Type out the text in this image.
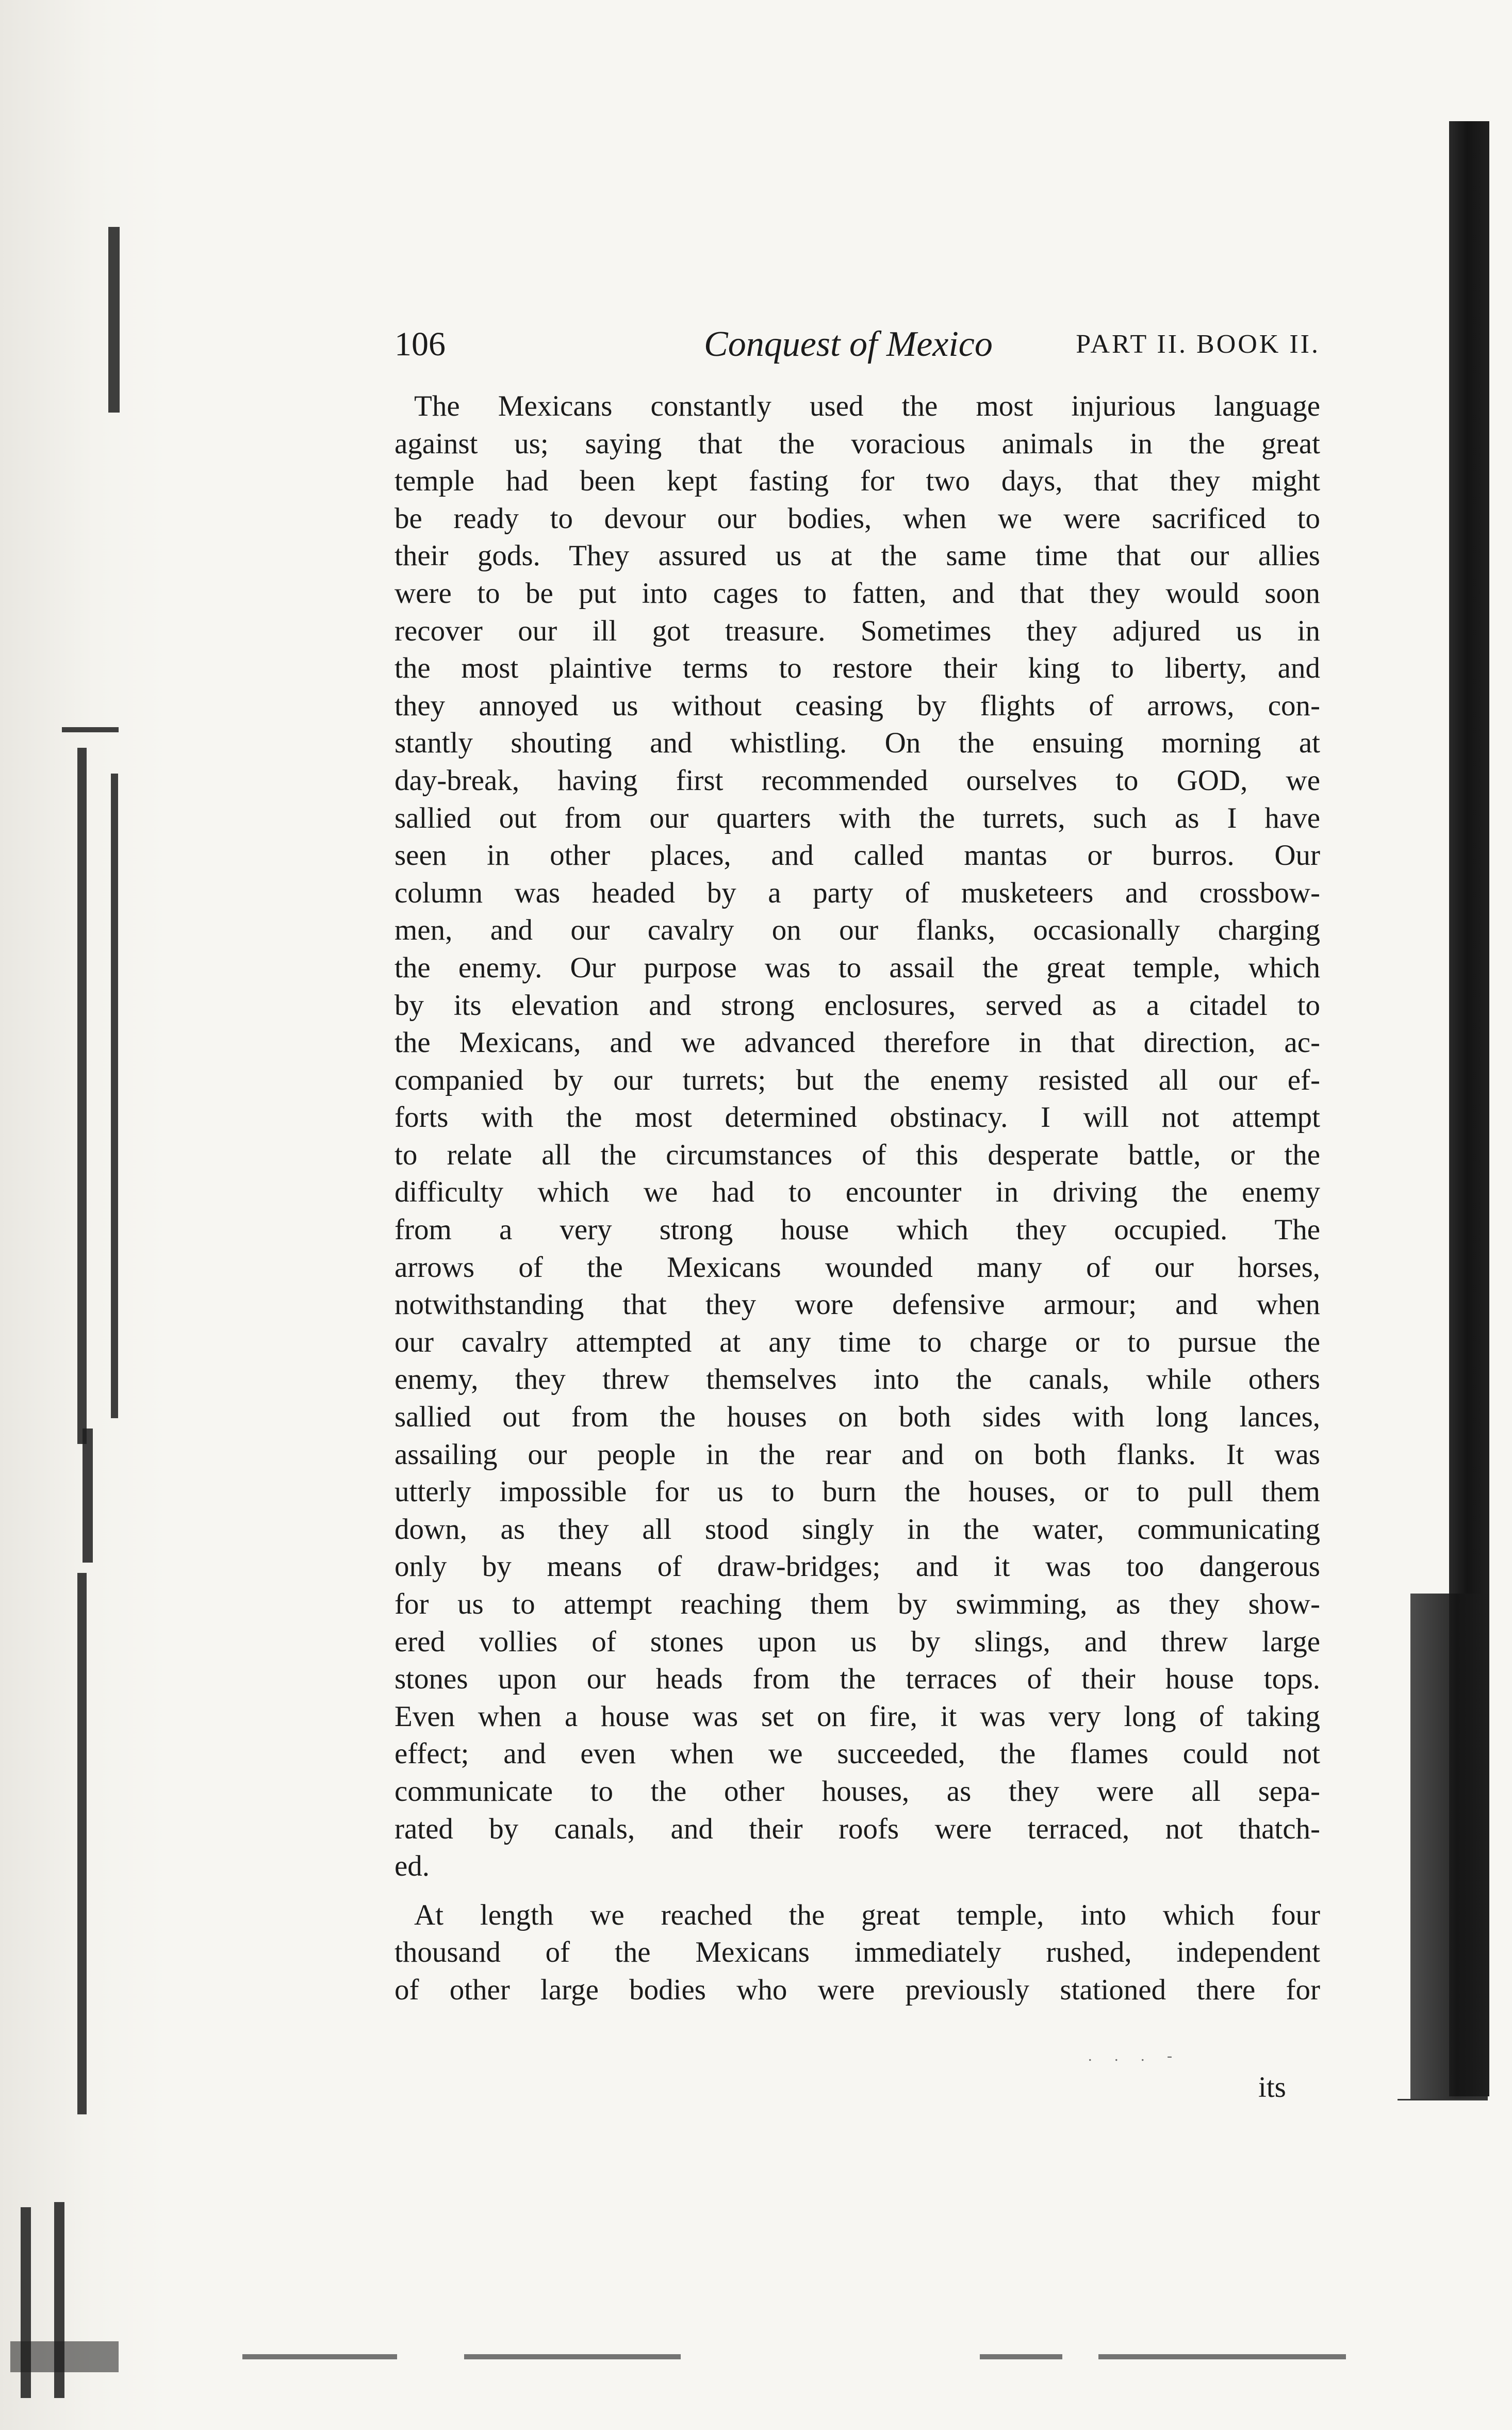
106	Conquest of Mexico	PART II. BOOK II.
The Mexicans constantly used the most injurious language
against us; saying that the voracious animals in the great
temple had been kept fasting for two days, that they might
be ready to devour our bodies, when we were sacrificed to
their gods. They assured us at the same time that our allies
were to be put into cages to fatten, and that they would soon
recover our ill got treasure. Sometimes they adjured us in
the most plaintive terms to restore their king to liberty, and
they annoyed us without ceasing by flights of arrows, con-
stantly shouting and whistling. On the ensuing morning at
day-break, having first recommended ourselves to GOD, we
sallied out from our quarters with the turrets, such as I have
seen in other places, and called mantas or burros. Our
column was headed by a party of musketeers and crossbow-
men, and our cavalry on our flanks, occasionally charging
the enemy. Our purpose was to assail the great temple, which
by its elevation and strong enclosures, served as a citadel to
the Mexicans, and we advanced therefore in that direction, ac-
companied by our turrets; but the enemy resisted all our ef-
forts with the most determined obstinacy. I will not attempt
to relate all the circumstances of this desperate battle, or the
difficulty which we had to encounter in driving the enemy
from a very strong house which they occupied. The
arrows of the Mexicans wounded many of our horses,
notwithstanding that they wore defensive armour; and when
our cavalry attempted at any time to charge or to pursue the
enemy, they threw themselves into the canals, while others
sallied out from the houses on both sides with long lances,
assailing our people in the rear and on both flanks. It was
utterly impossible for us to burn the houses, or to pull them
down, as they all stood singly in the water, communicating
only by means of draw-bridges; and it was too dangerous
for us to attempt reaching them by swimming, as they show-
ered vollies of stones upon us by slings, and threw large
stones upon our heads from the terraces of their house tops.
Even when a house was set on fire, it was very long of taking
effect; and even when we succeeded, the flames could not
communicate to the other houses, as they were all sepa-
rated by canals, and their roofs were terraced, not thatch-
ed.
At length we reached the great temple, into which four
thousand of the Mexicans immediately rushed, independent
of other large bodies who were previously stationed there for
. . . -
its
